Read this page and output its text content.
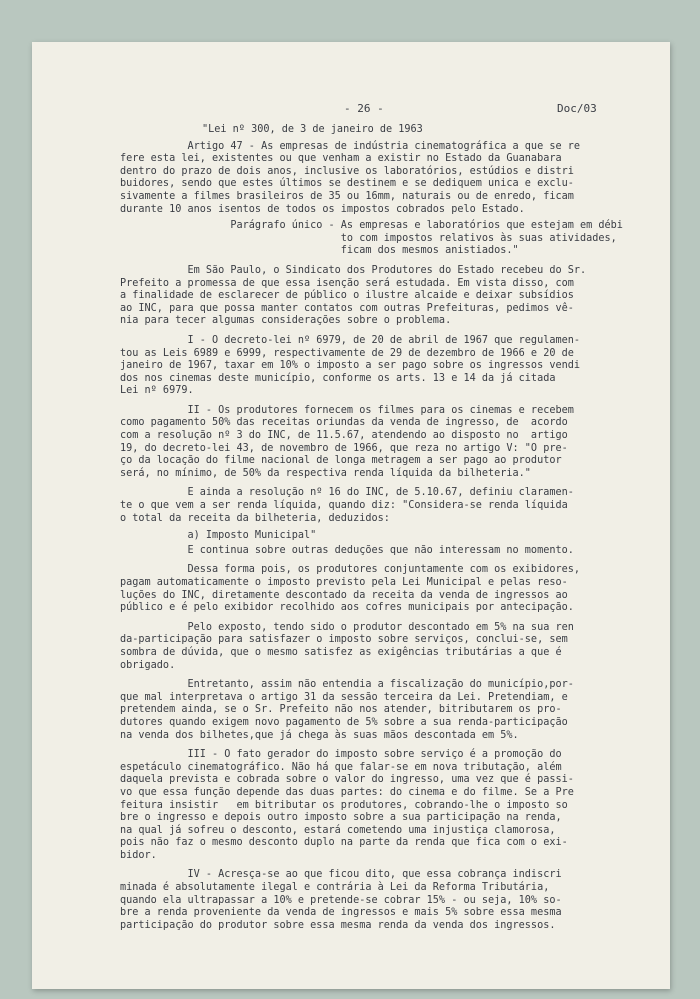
- 26 -	Doc/03

"Lei nº 300, de 3 de janeiro de 1963

Artigo 47 - As empresas de indústria cinematográfica a que se re
fere esta lei, existentes ou que venham a existir no Estado da Guanabara
dentro do prazo de dois anos, inclusive os laboratórios, estúdios e distri
buidores, sendo que estes últimos se destinem e se dediquem unica e exclu-
sivamente a filmes brasileiros de 35 ou 16mm, naturais ou de enredo, ficam
durante 10 anos isentos de todos os impostos cobrados pelo Estado.

Parágrafo único - As empresas e laboratórios que estejam em débi
to com impostos relativos às suas atividades,
ficam dos mesmos anistiados."

Em São Paulo, o Sindicato dos Produtores do Estado recebeu do Sr.
Prefeito a promessa de que essa isenção será estudada. Em vista disso, com
a finalidade de esclarecer de público o ilustre alcaide e deixar subsídios
ao INC, para que possa manter contatos com outras Prefeituras, pedimos vê-
nia para tecer algumas considerações sobre o problema.

I - O decreto-lei nº 6979, de 20 de abril de 1967 que regulamen-
tou as Leis 6989 e 6999, respectivamente de 29 de dezembro de 1966 e 20 de
janeiro de 1967, taxar em 10% o imposto a ser pago sobre os ingressos vendi
dos nos cinemas deste município, conforme os arts. 13 e 14 da já citada
Lei nº 6979.

II - Os produtores fornecem os filmes para os cinemas e recebem
como pagamento 50% das receitas oriundas da venda de ingresso, de  acordo
com a resolução nº 3 do INC, de 11.5.67, atendendo ao disposto no  artigo
19, do decreto-lei 43, de novembro de 1966, que reza no artigo V: "O pre-
ço da locação do filme nacional de longa metragem a ser pago ao produtor
será, no mínimo, de 50% da respectiva renda líquida da bilheteria."

E ainda a resolução nº 16 do INC, de 5.10.67, definiu claramen-
te o que vem a ser renda líquida, quando diz: "Considera-se renda líquida
o total da receita da bilheteria, deduzidos:

a) Imposto Municipal"

E continua sobre outras deduções que não interessam no momento.

Dessa forma pois, os produtores conjuntamente com os exibidores,
pagam automaticamente o imposto previsto pela Lei Municipal e pelas reso-
luções do INC, diretamente descontado da receita da venda de ingressos ao
público e é pelo exibidor recolhido aos cofres municipais por antecipação.

Pelo exposto, tendo sido o produtor descontado em 5% na sua ren
da-participação para satisfazer o imposto sobre serviços, conclui-se, sem
sombra de dúvida, que o mesmo satisfez as exigências tributárias a que é
obrigado.

Entretanto, assim não entendia a fiscalização do município,por-
que mal interpretava o artigo 31 da sessão terceira da Lei. Pretendiam, e
pretendem ainda, se o Sr. Prefeito não nos atender, bitributarem os pro-
dutores quando exigem novo pagamento de 5% sobre a sua renda-participação
na venda dos bilhetes,que já chega às suas mãos descontada em 5%.

III - O fato gerador do imposto sobre serviço é a promoção do
espetáculo cinematográfico. Não há que falar-se em nova tributação, além
daquela prevista e cobrada sobre o valor do ingresso, uma vez que é passi-
vo que essa função depende das duas partes: do cinema e do filme. Se a Pre
feitura insistir   em bitributar os produtores, cobrando-lhe o imposto so
bre o ingresso e depois outro imposto sobre a sua participação na renda,
na qual já sofreu o desconto, estará cometendo uma injustiça clamorosa,
pois não faz o mesmo desconto duplo na parte da renda que fica com o exi-
bidor.

IV - Acresça-se ao que ficou dito, que essa cobrança indiscri
minada é absolutamente ilegal e contrária à Lei da Reforma Tributária,
quando ela ultrapassar a 10% e pretende-se cobrar 15% - ou seja, 10% so-
bre a renda proveniente da venda de ingressos e mais 5% sobre essa mesma
participação do produtor sobre essa mesma renda da venda dos ingressos.
